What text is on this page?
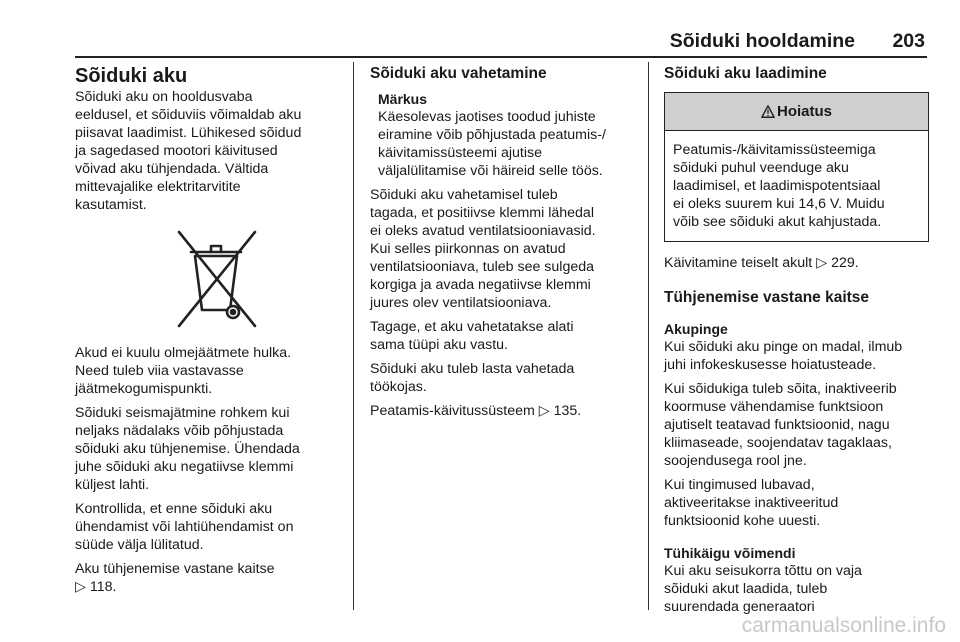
Sõiduki hooldamine 203
Sõiduki aku

Sõiduki aku on hooldusvaba
eeldusel, et sõiduviis võimaldab aku
piisavat laadimist. Lühikesed sõidud
ja sagedased mootori käivitused
võivad aku tühjendada. Vältida
mittevajalike elektritarvitite
kasutamist.

Akud ei kuulu olmejäätmete hulka.
Need tuleb viia vastavasse
jäätmekogumispunkti.

Sõiduki seismajätmine rohkem kui
neljaks nädalaks võib põhjustada
sõiduki aku tühjenemise. Ühendada
juhe sõiduki aku negatiivse klemmi
küljest lahti.

Kontrollida, et enne sõiduki aku
ühendamist või lahtiühendamist on
süüde välja lülitatud.

Aku tühjenemise vastane kaitse
▷ 118.

Sõiduki aku vahetamine
Märkus

Käesolevas jaotises toodud juhiste
eiramine võib põhjustada peatumis-/
käivitamissüsteemi ajutise
väljalülitamise või häireid selle töös.

Sõiduki aku vahetamisel tuleb
tagada, et positiivse klemmi lähedal
ei oleks avatud ventilatsiooniavasid.
Kui selles piirkonnas on avatud
ventilatsiooniava, tuleb see sulgeda
korgiga ja avada negatiivse klemmi
juures olev ventilatsiooniava.

Tagage, et aku vahetatakse alati
sama tüüpi aku vastu.

Sõiduki aku tuleb lasta vahetada
töökojas.

Peatamis-käivitussüsteem ▷ 135.

Sõiduki aku laadimine
Hoiatus

Peatumis-/käivitamissüsteemiga
sõiduki puhul veenduge aku
laadimisel, et laadimispotentsiaal
ei oleks suurem kui 14,6 V. Muidu
võib see sõiduki akut kahjustada.

Käivitamine teiselt akult ▷ 229.

Tühjenemise vastane kaitse
Akupinge

Kui sõiduki aku pinge on madal, ilmub
juhi infokeskusesse hoiatusteade.

Kui sõidukiga tuleb sõita, inaktiveerib
koormuse vähendamise funktsioon
ajutiselt teatavad funktsioonid, nagu
kliimaseade, soojendatav tagaklaas,
soojendusega rool jne.

Kui tingimused lubavad,
aktiveeritakse inaktiveeritud
funktsioonid kohe uuesti.

Tühikäigu võimendi

Kui aku seisukorra tõttu on vaja
sõiduki akut laadida, tuleb
suurendada generaatori

carmanualsonline.info
